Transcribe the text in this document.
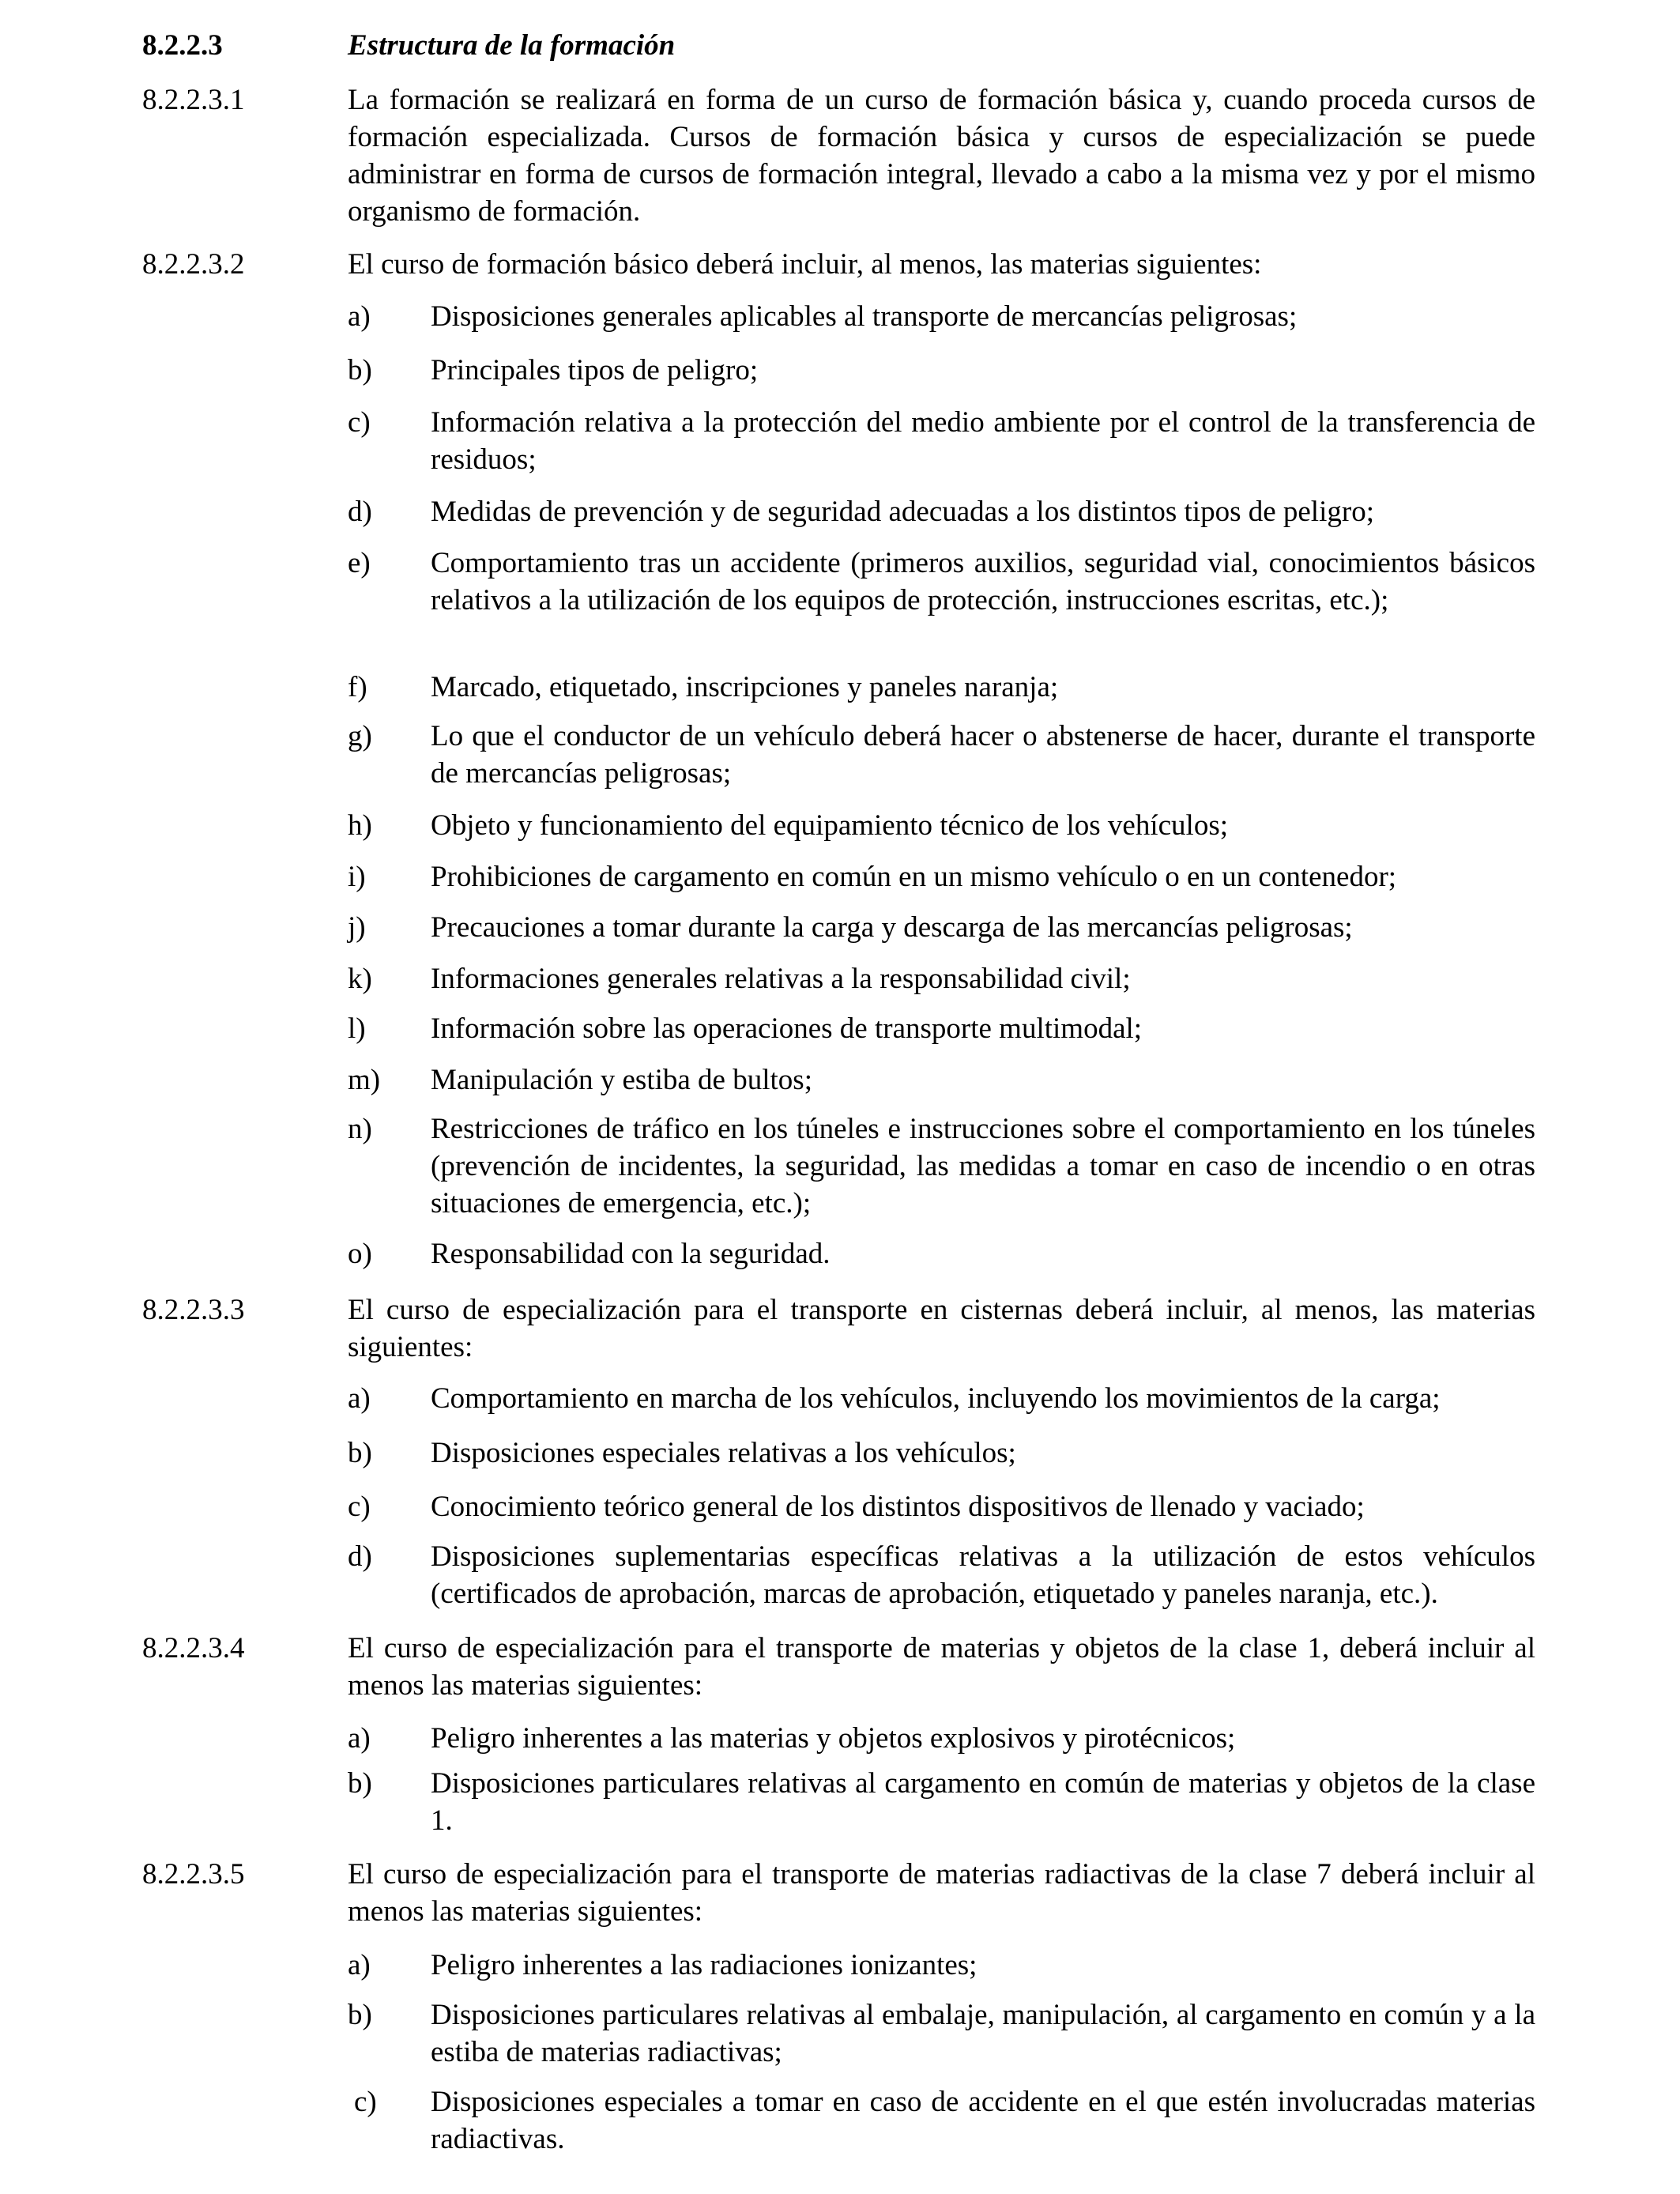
8.2.2.3	Estructura de la formación
8.2.2.3.1	La formación se realizará en forma de un curso de formación básica y, cuando proceda cursos de formación especializada. Cursos de formación básica y cursos de especialización se puede administrar en forma de cursos de formación integral, llevado a cabo a la misma vez y por el mismo organismo de formación.
8.2.2.3.2	El curso de formación básico deberá incluir, al menos, las materias siguientes:
a) Disposiciones generales aplicables al transporte de mercancías peligrosas;
b) Principales tipos de peligro;
c) Información relativa a la protección del medio ambiente por el control de la transferencia de residuos;
d) Medidas de prevención y de seguridad adecuadas a los distintos tipos de peligro;
e) Comportamiento tras un accidente (primeros auxilios, seguridad vial, conocimientos básicos relativos a la utilización de los equipos de protección, instrucciones escritas, etc.);
f) Marcado, etiquetado, inscripciones y paneles naranja;
g) Lo que el conductor de un vehículo deberá hacer o abstenerse de hacer, durante el transporte de mercancías peligrosas;
h) Objeto y funcionamiento del equipamiento técnico de los vehículos;
i) Prohibiciones de cargamento en común en un mismo vehículo o en un contenedor;
j) Precauciones a tomar durante la carga y descarga de las mercancías peligrosas;
k) Informaciones generales relativas a la responsabilidad civil;
l) Información sobre las operaciones de transporte multimodal;
m) Manipulación y estiba de bultos;
n) Restricciones de tráfico en los túneles e instrucciones sobre el comportamiento en los túneles (prevención de incidentes, la seguridad, las medidas a tomar en caso de incendio o en otras situaciones de emergencia, etc.);
o) Responsabilidad con la seguridad.
8.2.2.3.3	El curso de especialización para el transporte en cisternas deberá incluir, al menos, las materias siguientes:
a) Comportamiento en marcha de los vehículos, incluyendo los movimientos de la carga;
b) Disposiciones especiales relativas a los vehículos;
c) Conocimiento teórico general de los distintos dispositivos de llenado y vaciado;
d) Disposiciones suplementarias específicas relativas a la utilización de estos vehículos (certificados de aprobación, marcas de aprobación, etiquetado y paneles naranja, etc.).
8.2.2.3.4	El curso de especialización para el transporte de materias y objetos de la clase 1, deberá incluir al menos las materias siguientes:
a) Peligro inherentes a las materias y objetos explosivos y pirotécnicos;
b) Disposiciones particulares relativas al cargamento en común de materias y objetos de la clase 1.
8.2.2.3.5	El curso de especialización para el transporte de materias radiactivas de la clase 7 deberá incluir al menos las materias siguientes:
a) Peligro inherentes a las radiaciones ionizantes;
b) Disposiciones particulares relativas al embalaje, manipulación, al cargamento en común y a la estiba de materias radiactivas;
c) Disposiciones especiales a tomar en caso de accidente en el que estén involucradas materias radiactivas.
